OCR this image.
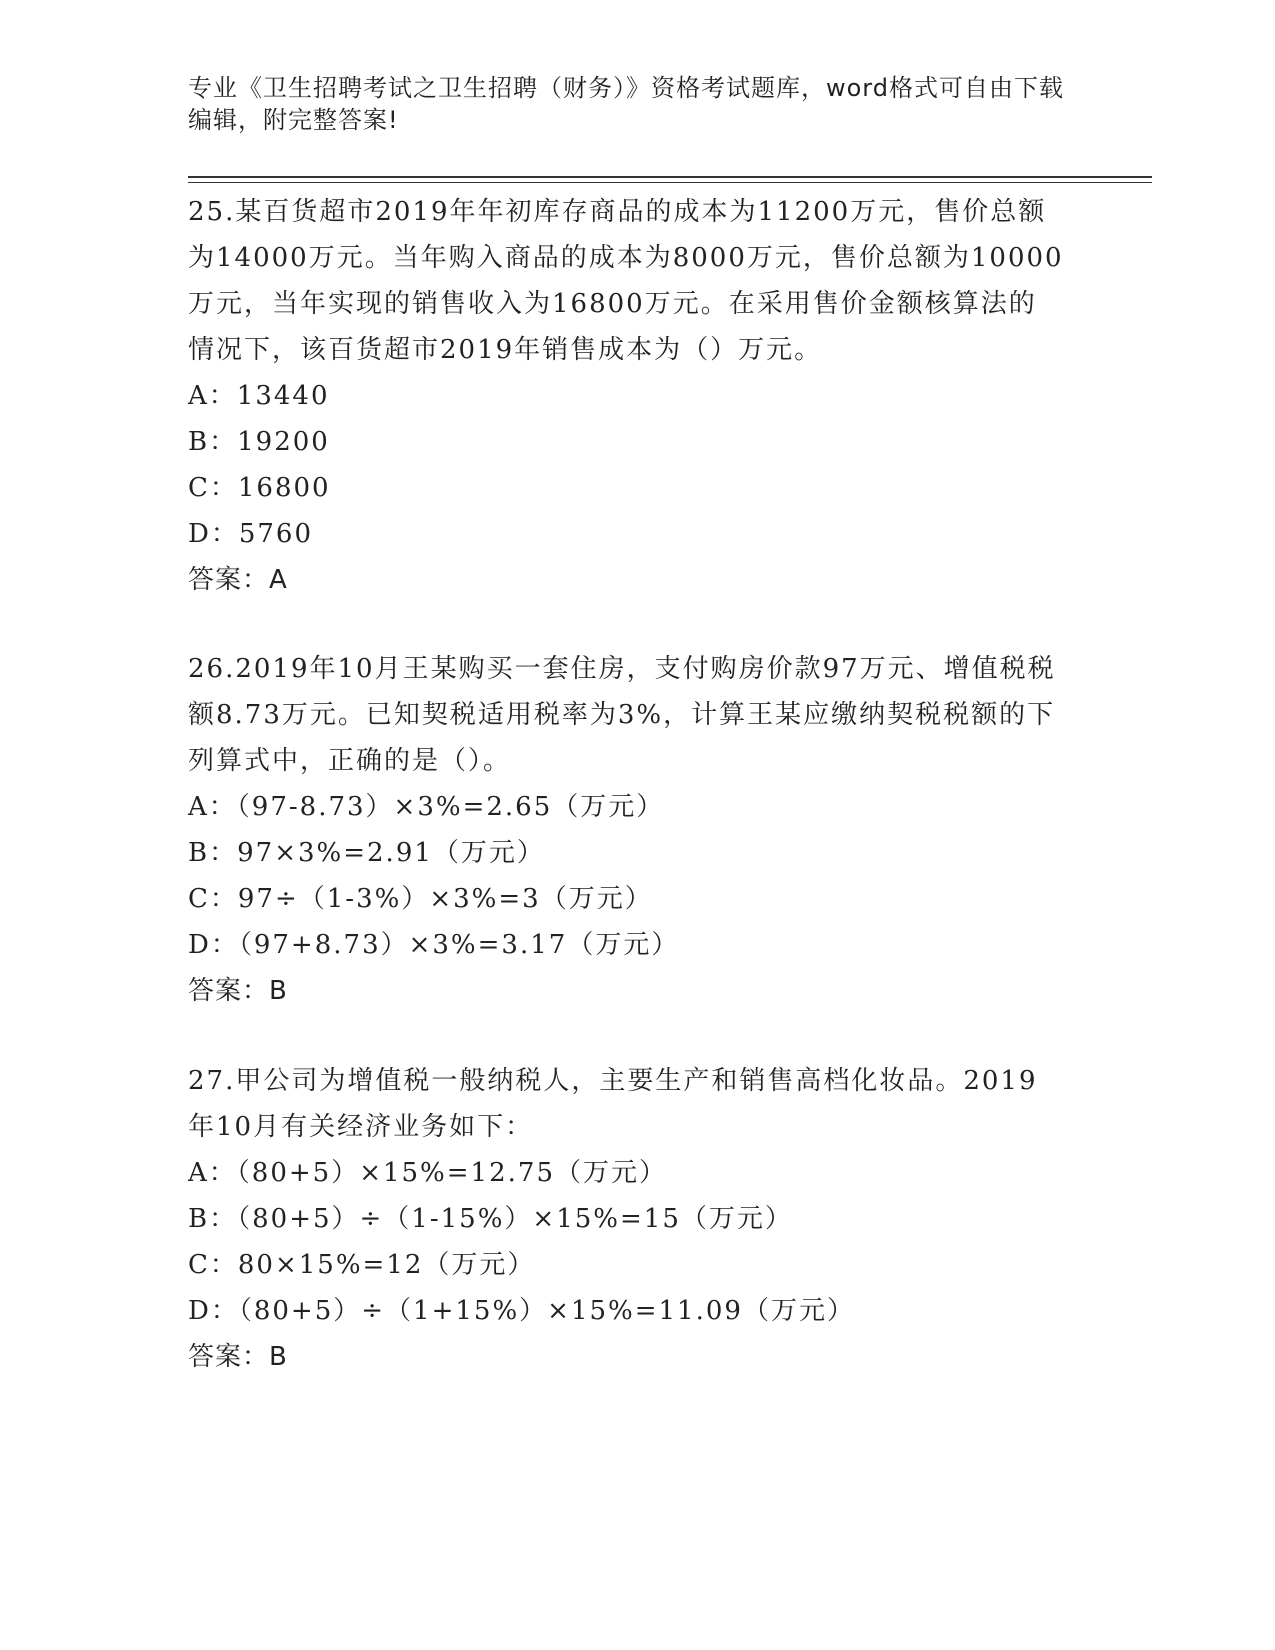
专业《卫生招聘考试之卫生招聘（财务）》资格考试题库，word格式可自由下载
编辑，附完整答案!
25.某百货超市2019年年初库存商品的成本为11200万元，售价总额
为14000万元。当年购入商品的成本为8000万元，售价总额为10000
万元，当年实现的销售收入为16800万元。在采用售价金额核算法的
情况下，该百货超市2019年销售成本为（）万元。
A：13440
B：19200
C：16800
D：5760
答案：A
26.2019年10月王某购买一套住房，支付购房价款97万元、增值税税
额8.73万元。已知契税适用税率为3%，计算王某应缴纳契税税额的下
列算式中，正确的是（）。
A：（97-8.73）×3%=2.65（万元）
B：97×3%=2.91（万元）
C：97÷（1-3%）×3%=3（万元）
D：（97+8.73）×3%=3.17（万元）
答案：B
27.甲公司为增值税一般纳税人，主要生产和销售高档化妆品。2019
年10月有关经济业务如下：
A：（80+5）×15%=12.75（万元）
B：（80+5）÷（1-15%）×15%=15（万元）
C：80×15%=12（万元）
D：（80+5）÷（1+15%）×15%=11.09（万元）
答案：B
